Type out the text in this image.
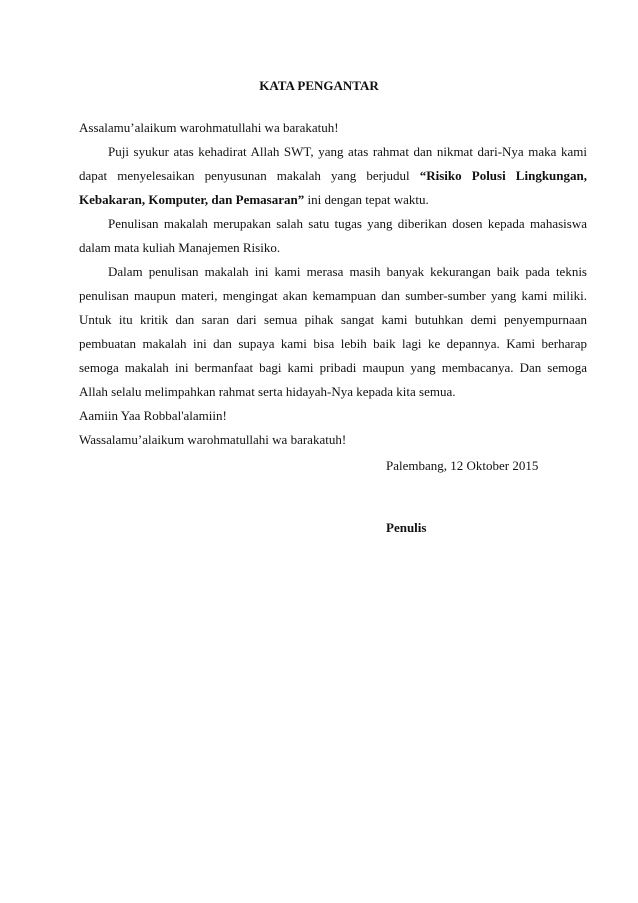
KATA PENGANTAR

Assalamu’alaikum warohmatullahi wa barakatuh!

Puji syukur atas kehadirat Allah SWT, yang atas rahmat dan nikmat dari-Nya maka kami dapat menyelesaikan penyusunan makalah yang berjudul “Risiko Polusi Lingkungan, Kebakaran, Komputer, dan Pemasaran” ini dengan tepat waktu.

Penulisan makalah merupakan salah satu tugas yang diberikan dosen kepada mahasiswa dalam mata kuliah Manajemen Risiko.

Dalam penulisan makalah ini kami merasa masih banyak kekurangan baik pada teknis penulisan maupun materi, mengingat akan kemampuan dan sumber-sumber yang kami miliki. Untuk itu kritik dan saran dari semua pihak sangat kami butuhkan demi penyempurnaan pembuatan makalah ini dan supaya kami bisa lebih baik lagi ke depannya. Kami berharap semoga makalah ini bermanfaat bagi kami pribadi maupun yang membacanya. Dan semoga Allah selalu melimpahkan rahmat serta hidayah-Nya kepada kita semua.

Aamiin Yaa Robbal'alamiin!

Wassalamu’alaikum warohmatullahi wa barakatuh!

Palembang, 12 Oktober 2015
Penulis
